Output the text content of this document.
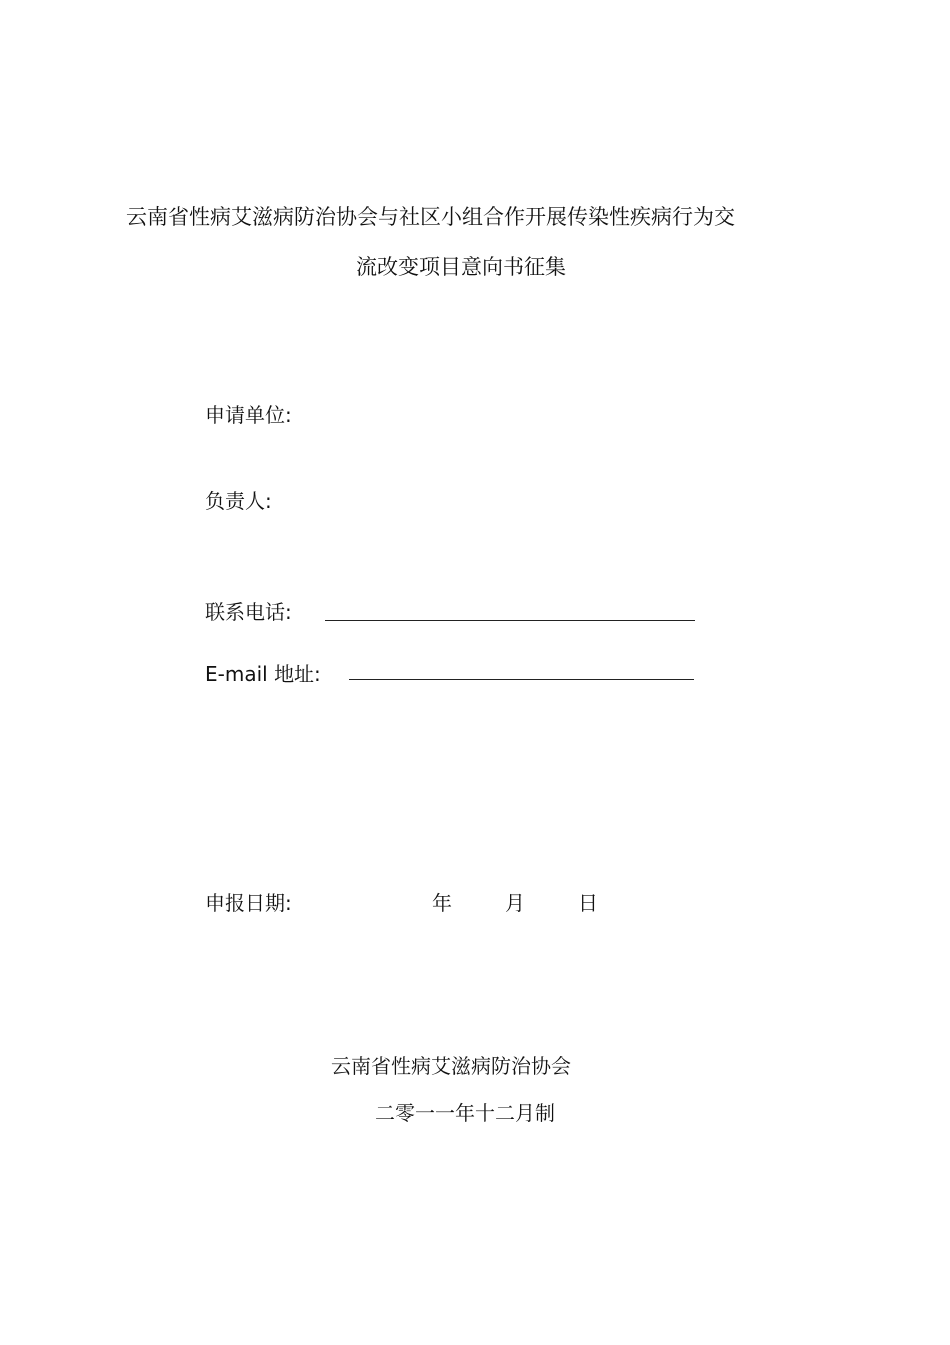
云南省性病艾滋病防治协会与社区小组合作开展传染性疾病行为交
流改变项目意向书征集
申请单位:
负责人:
联系电话:
E-mail 地址:
申报日期:	年	月	日
云南省性病艾滋病防治协会
二零一一年十二月制
